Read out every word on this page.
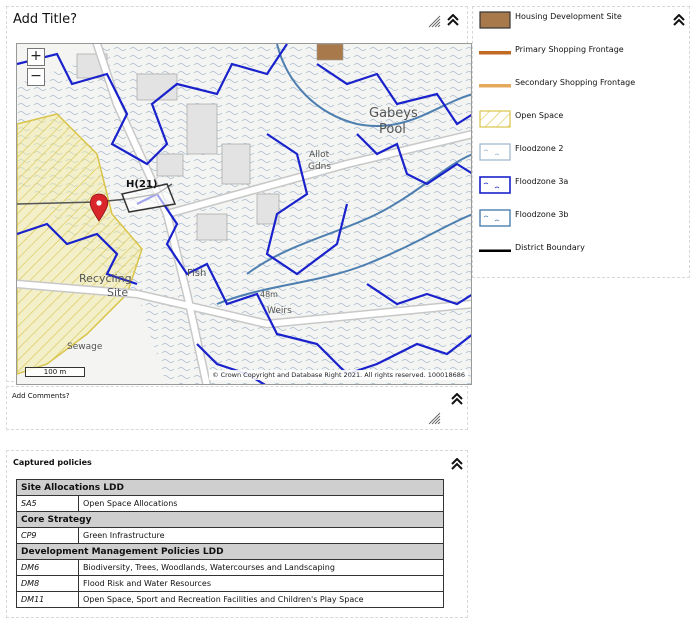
Add Title?
Gabeys
Pool
Allot
Gdns
H(21)
Recycling
Site
Fish
Weirs
Sewage
48m
+
−
100 m	© Crown Copyright and Database Right 2021. All rights reserved. 100018686
Add Comments?
Housing Development Site
Primary Shopping Frontage
Secondary Shopping Frontage
Open Space
Floodzone 2
Floodzone 3a
Floodzone 3b
District Boundary
Captured policies
Site Allocations LDD	
SA5	Open Space Allocations
Core Strategy	
CP9	Green Infrastructure
Development Management Policies LDD	
DM6	Biodiversity, Trees, Woodlands, Watercourses and Landscaping
DM8	Flood Risk and Water Resources
DM11	Open Space, Sport and Recreation Facilities and Children's Play Space
